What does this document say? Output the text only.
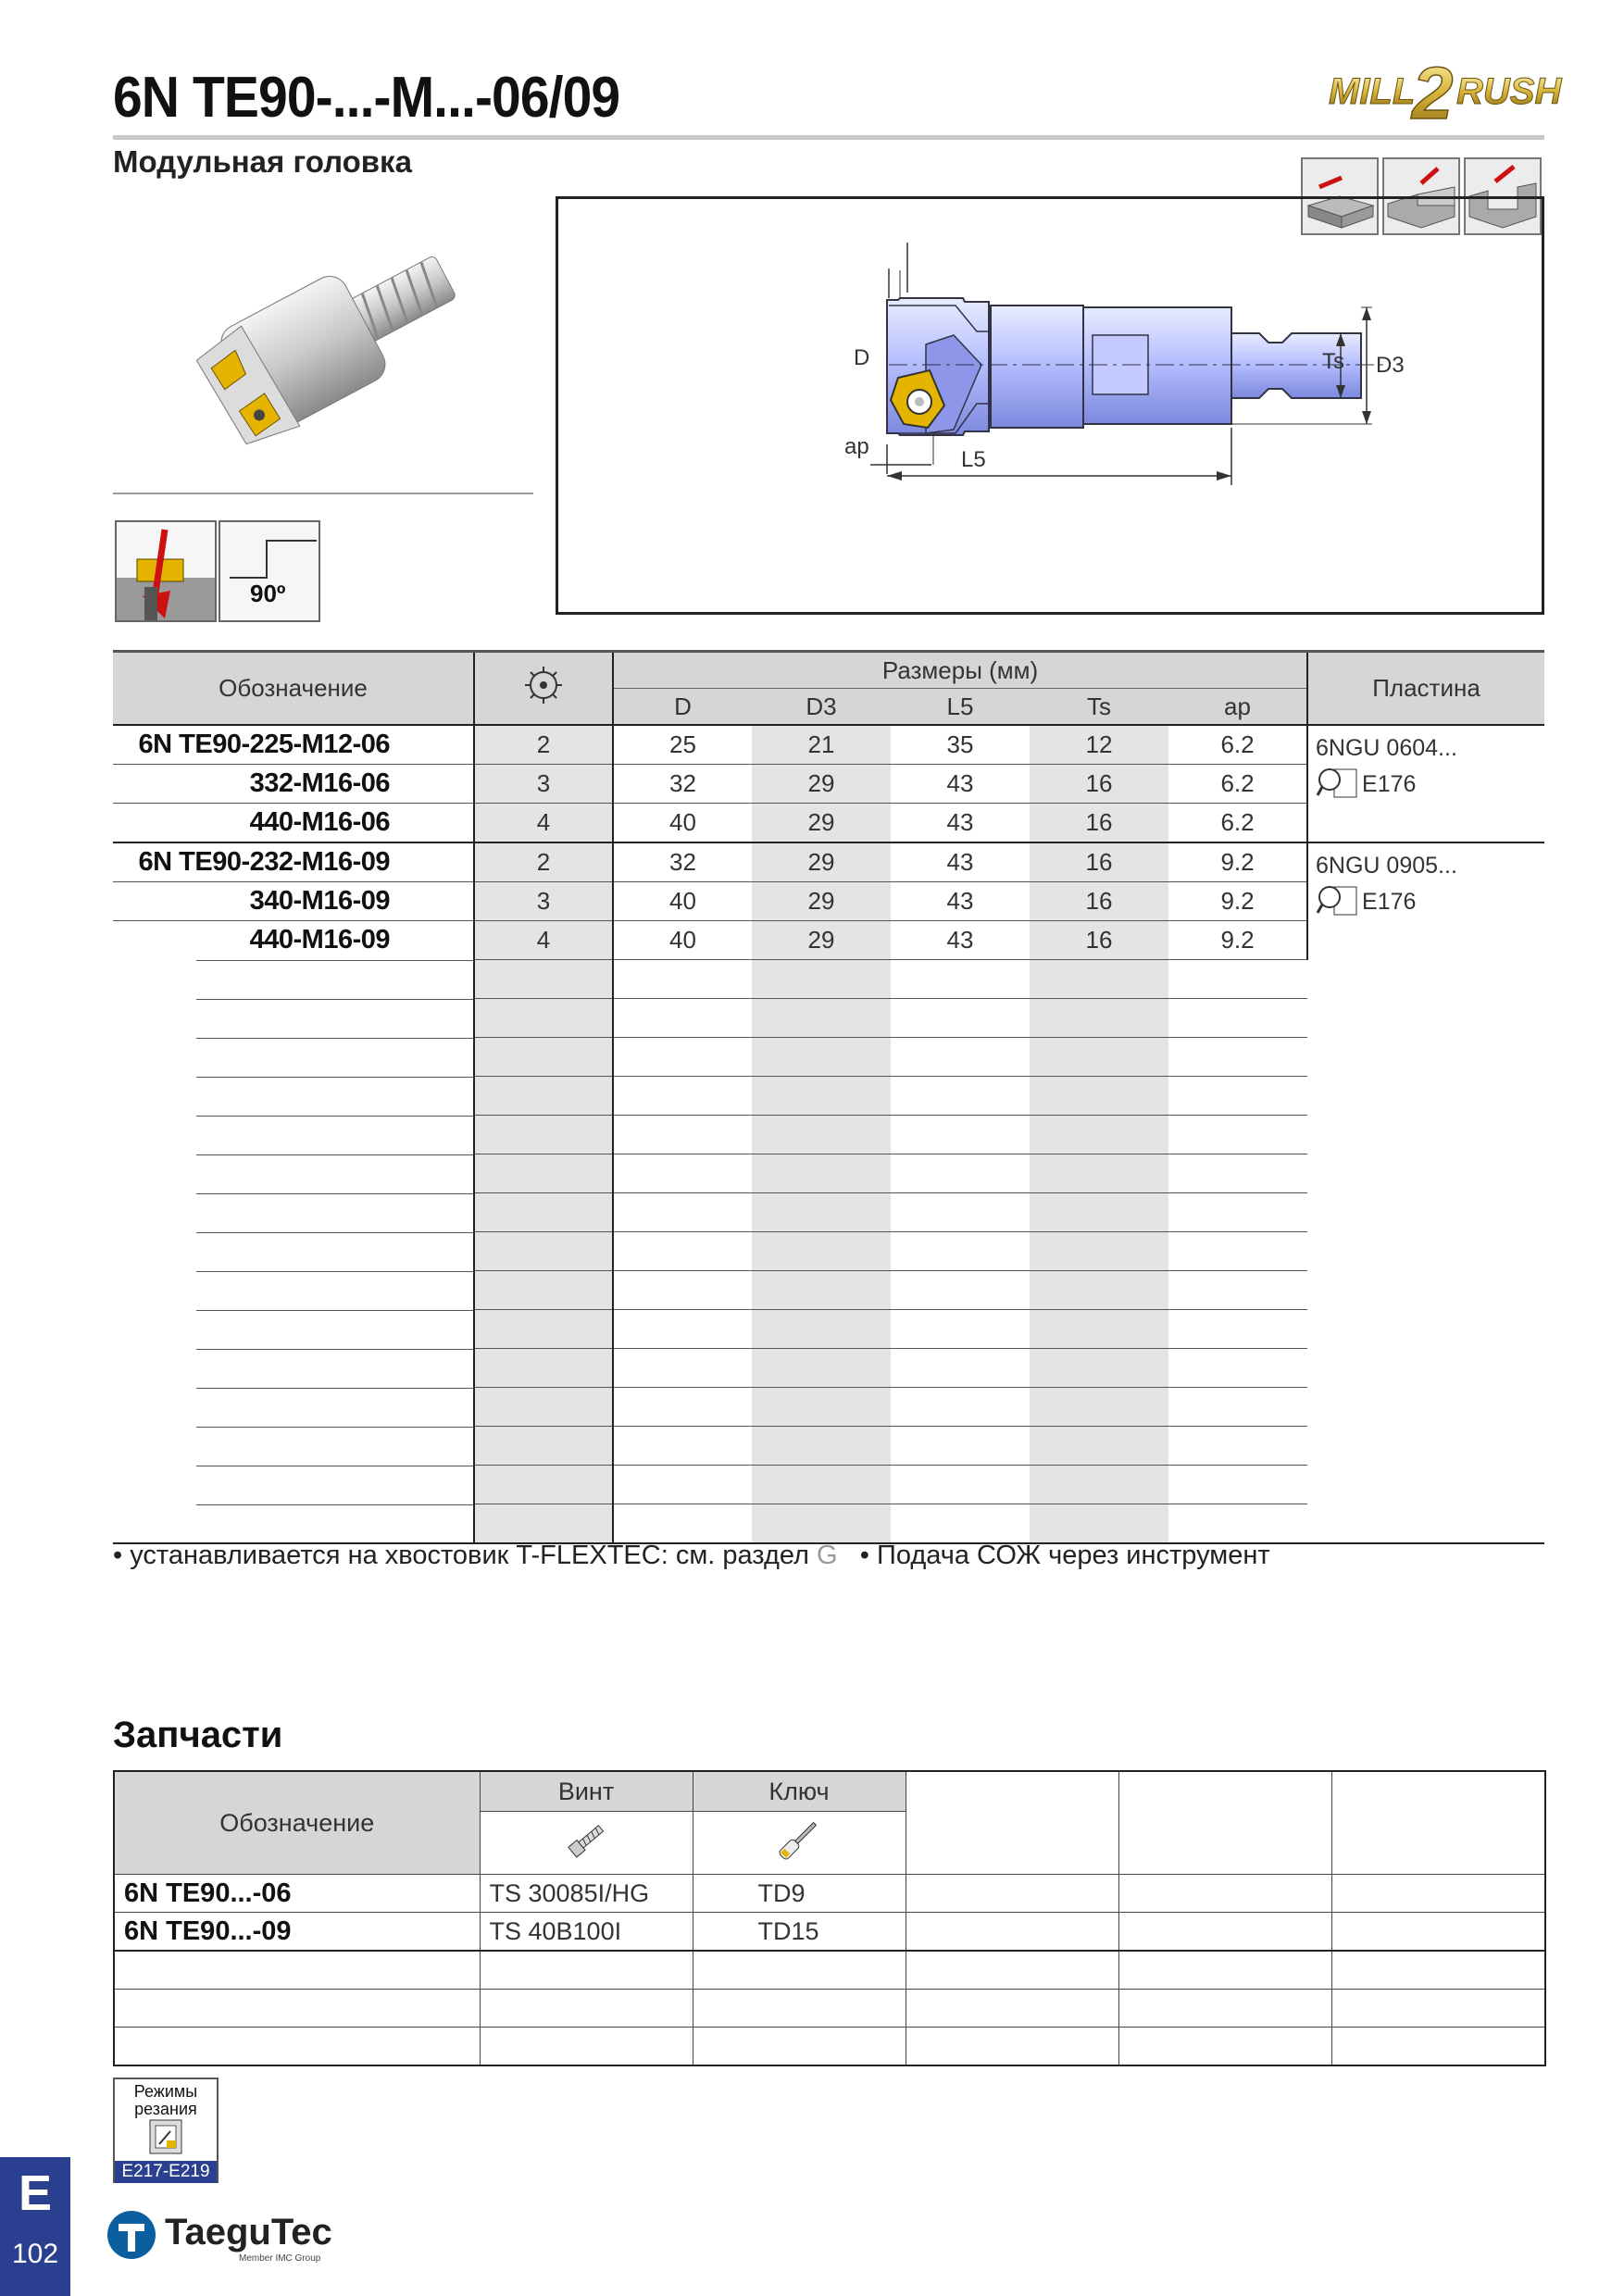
6N TE90-...-M...-06/09
Модульная головка
MILL
2 RUSH
90º
D	Ts D3
ap
L5
Обозначение		Размеры (мм)					Пластина
		D	D3	L5	Ts	ap	
6N TE90-225-M12-06	2	25	21	35	12	6.2	6NGU 0604...
E176

332-M16-06	3	32	29	43	16	6.2	
440-M16-06	4	40	29	43	16	6.2	
6N TE90-232-M16-09	2	32	29	43	16	9.2	6NGU 0905...
E176

340-M16-09	3	40	29	43	16	9.2	
440-M16-09	4	40	29	43	16	9.2	

• устанавливается на хвостовик T-FLEXTEC: см. раздел G • Подача СОЖ через инструмент
Запчасти
Обозначение	Винт	Ключ			

6N TE90...-06	TS 30085I/HG	TD9			
6N TE90...-09	TS 40B100I	TD15			

Режимы
резания
E217-E219
E
102
TaeguTec
Member IMC Group
